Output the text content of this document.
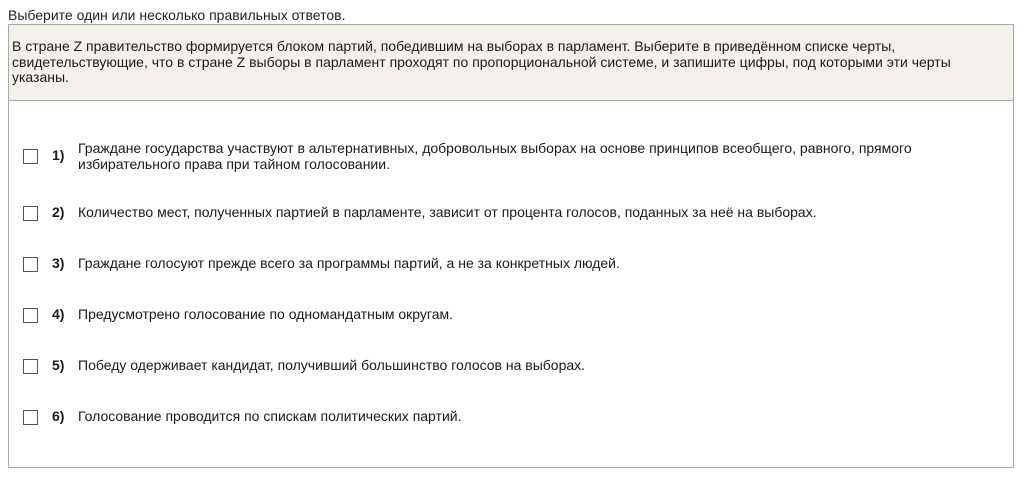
Выберите один или несколько правильных ответов.
В стране Z правительство формируется блоком партий, победившим на выборах в парламент. Выберите в приведённом списке черты, свидетельствующие, что в стране Z выборы в парламент проходят по пропорциональной системе, и запишите цифры, под которыми эти черты указаны.
1) Граждане государства участвуют в альтернативных, добровольных выборах на основе принципов всеобщего, равного, прямого избирательного права при тайном голосовании.
2) Количество мест, полученных партией в парламенте, зависит от процента голосов, поданных за неё на выборах.
3) Граждане голосуют прежде всего за программы партий, а не за конкретных людей.
4) Предусмотрено голосование по одномандатным округам.
5) Победу одерживает кандидат, получивший большинство голосов на выборах.
6) Голосование проводится по спискам политических партий.
